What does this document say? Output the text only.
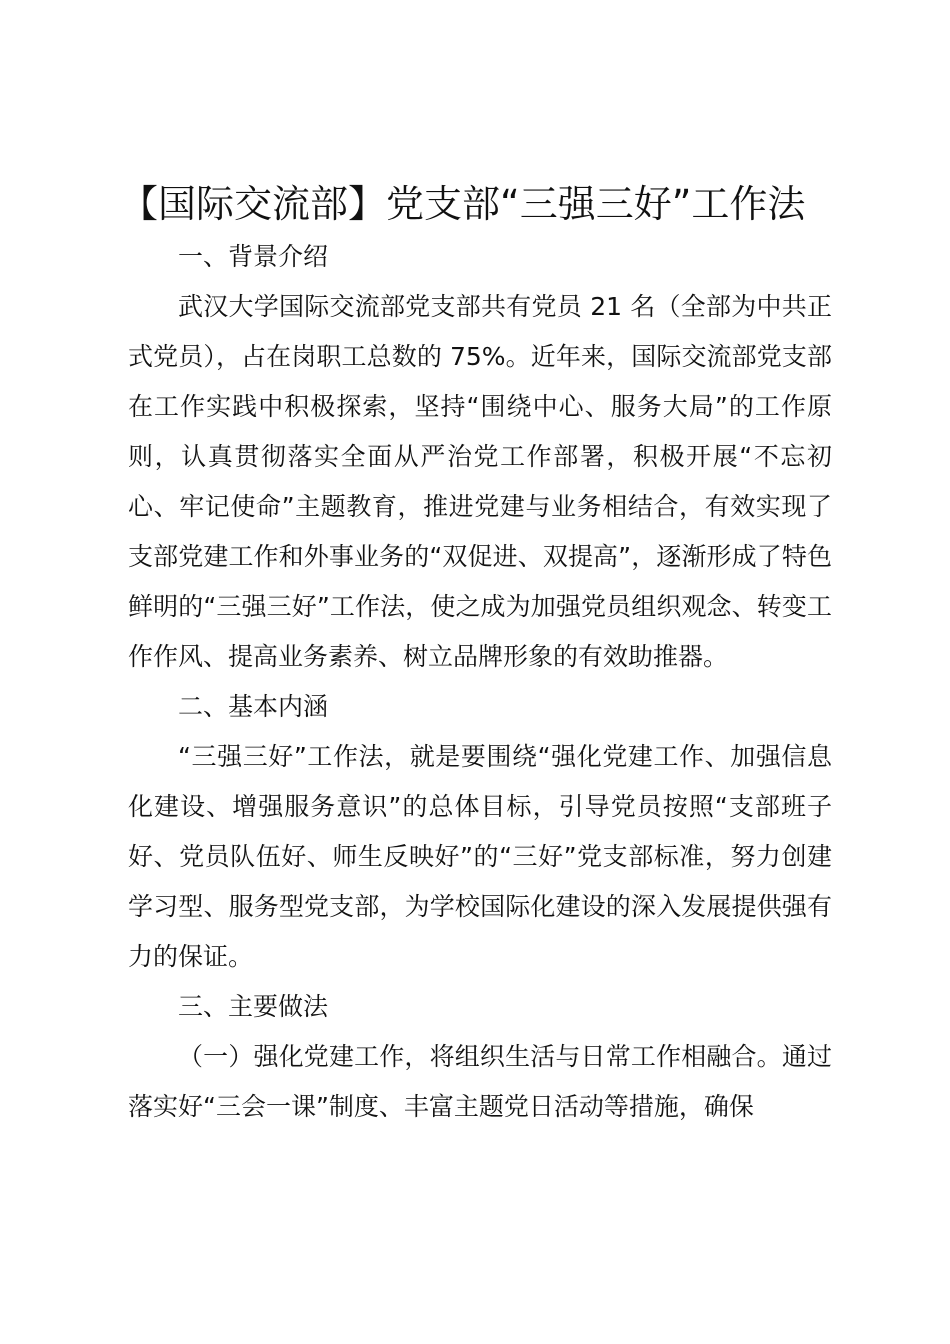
【国际交流部】党支部“三强三好”工作法
一、背景介绍

武汉大学国际交流部党支部共有党员 21 名（全部为中共正式党员），占在岗职工总数的 75%。近年来，国际交流部党支部在工作实践中积极探索，坚持“围绕中心、服务大局”的工作原则，认真贯彻落实全面从严治党工作部署，积极开展“不忘初心、牢记使命”主题教育，推进党建与业务相结合，有效实现了支部党建工作和外事业务的“双促进、双提高”，逐渐形成了特色鲜明的“三强三好”工作法，使之成为加强党员组织观念、转变工作作风、提高业务素养、树立品牌形象的有效助推器。

二、基本内涵

“三强三好”工作法，就是要围绕“强化党建工作、加强信息化建设、增强服务意识”的总体目标，引导党员按照“支部班子好、党员队伍好、师生反映好”的“三好”党支部标准，努力创建学习型、服务型党支部，为学校国际化建设的深入发展提供强有力的保证。

三、主要做法

（一）强化党建工作，将组织生活与日常工作相融合。通过落实好“三会一课”制度、丰富主题党日活动等措施，确保
